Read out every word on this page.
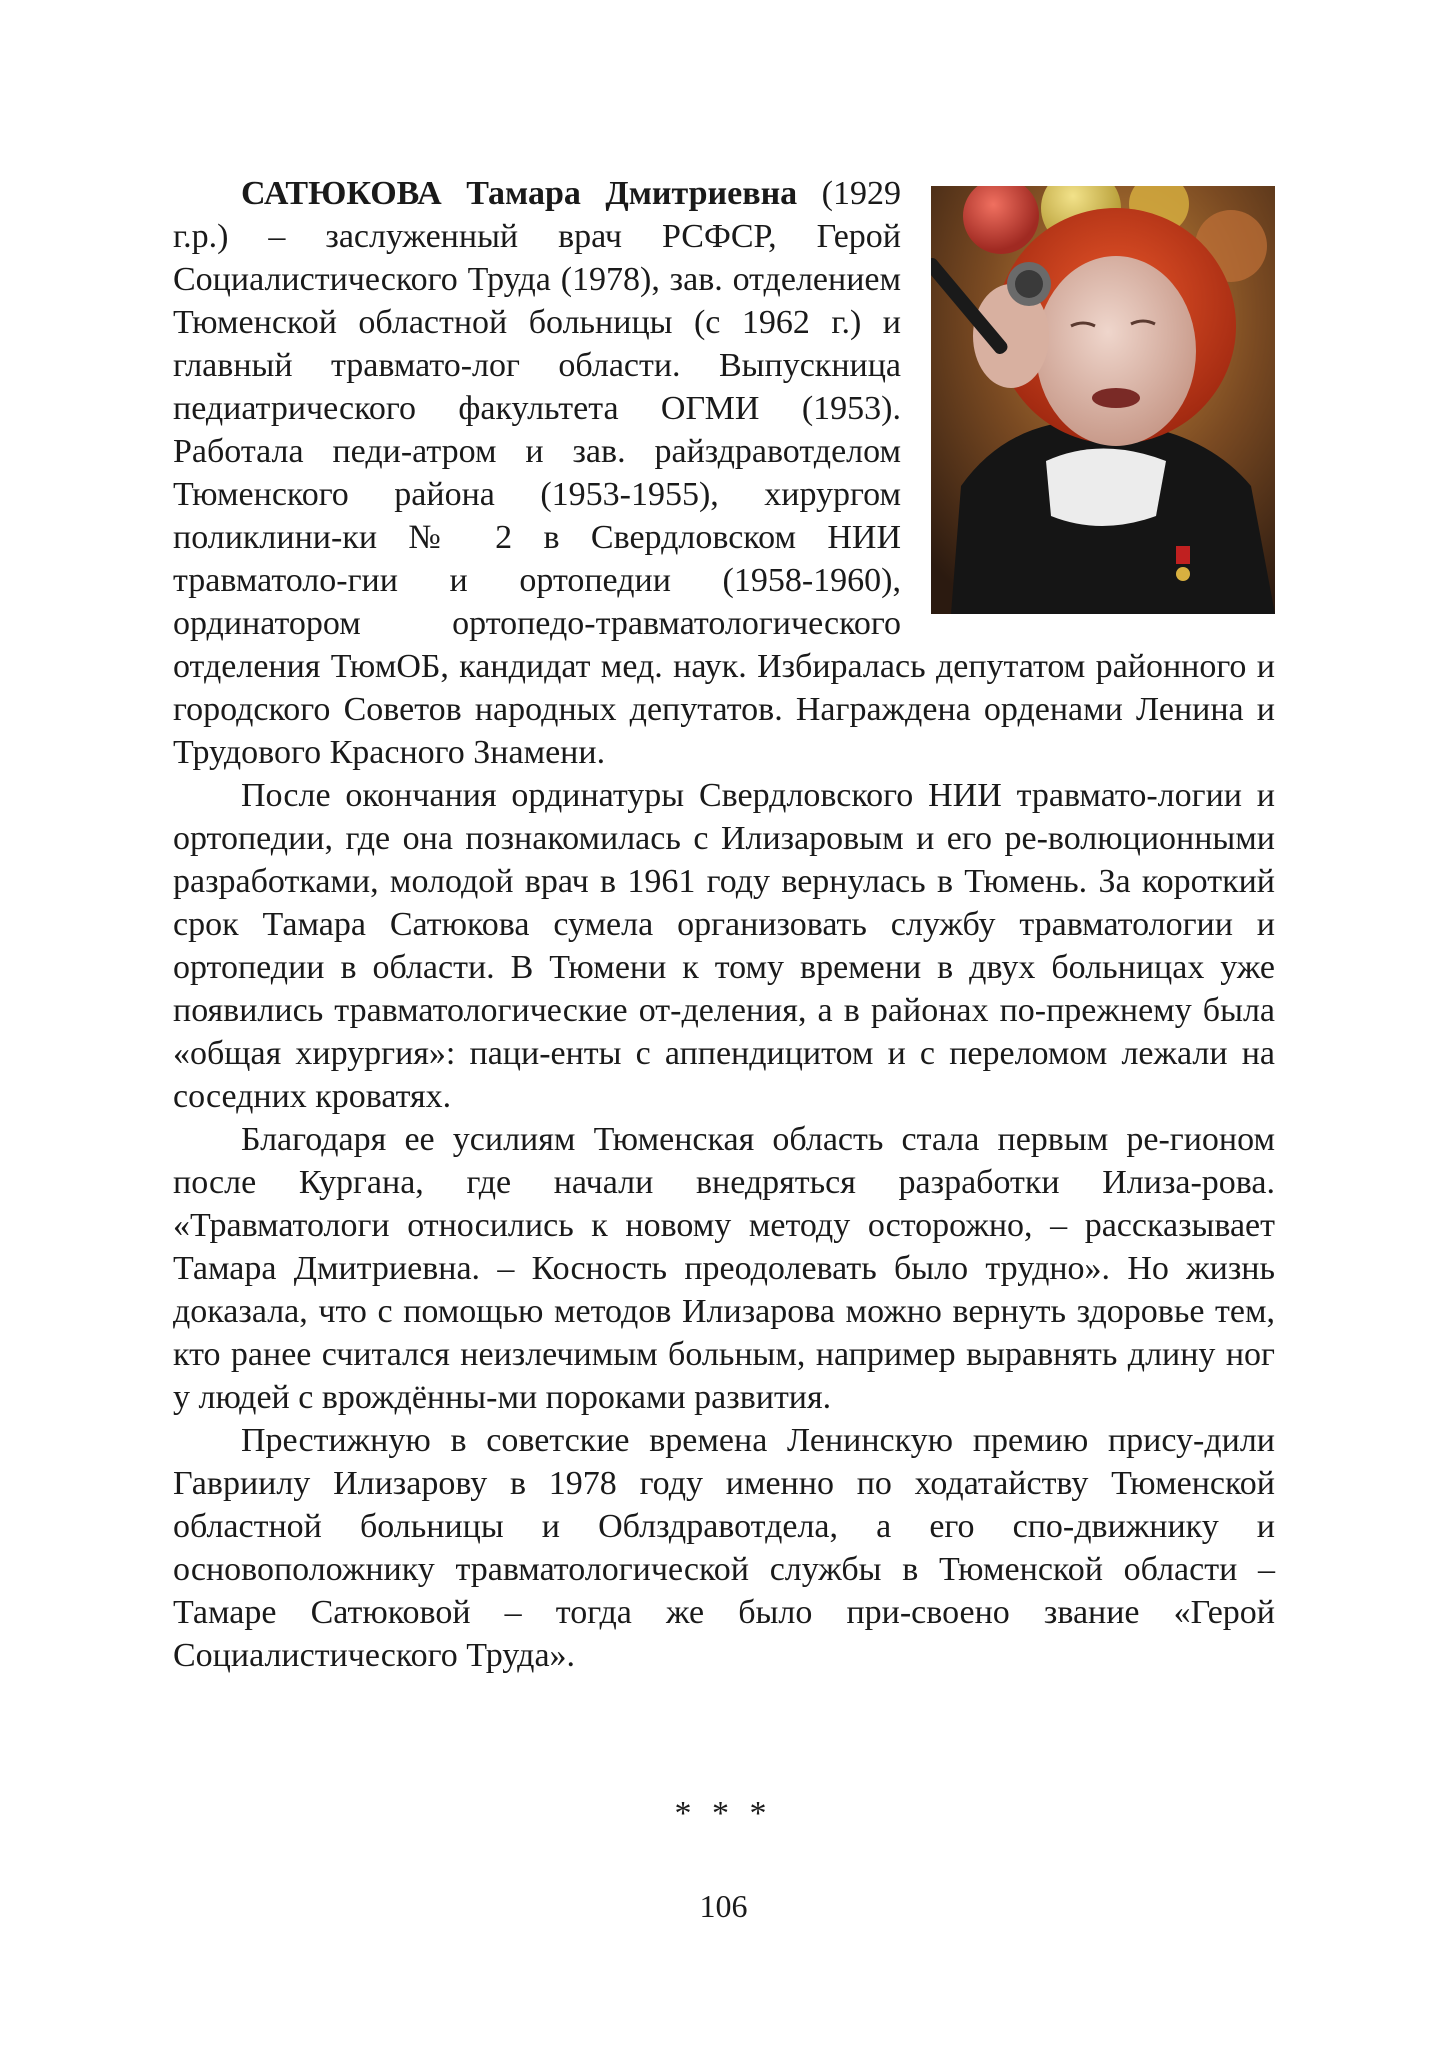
САТЮКОВА Тамара Дмитриевна (1929 г.р.) – заслуженный врач РСФСР, Герой Социалистического Труда (1978), зав. отделением Тюменской областной больницы (с 1962 г.) и главный травмато-лог области. Выпускница педиатрического факультета ОГМИ (1953). Работала педи-атром и зав. райздравотделом Тюменского района (1953-1955), хирургом поликлини-ки № 2 в Свердловском НИИ травматоло-гии и ортопедии (1958-1960), ординатором ортопедо-травматологического отделения ТюмОБ, кандидат мед. наук. Избиралась депутатом районного и городского Советов народных депутатов. Награждена орденами Ленина и Трудового Красного Знамени.

После окончания ординатуры Свердловского НИИ травмато-логии и ортопедии, где она познакомилась с Илизаровым и его ре-волюционными разработками, молодой врач в 1961 году вернулась в Тюмень. За короткий срок Тамара Сатюкова сумела организовать службу травматологии и ортопедии в области. В Тюмени к тому времени в двух больницах уже появились травматологические от-деления, а в районах по-прежнему была «общая хирургия»: паци-енты с аппендицитом и с переломом лежали на соседних кроватях.

Благодаря ее усилиям Тюменская область стала первым ре-гионом после Кургана, где начали внедряться разработки Илиза-рова. «Травматологи относились к новому методу осторожно, – рассказывает Тамара Дмитриевна. – Косность преодолевать было трудно». Но жизнь доказала, что с помощью методов Илизарова можно вернуть здоровье тем, кто ранее считался неизлечимым больным, например выравнять длину ног у людей с врождённы-ми пороками развития.

Престижную в советские времена Ленинскую премию прису-дили Гавриилу Илизарову в 1978 году именно по ходатайству Тюменской областной больницы и Облздравотдела, а его спо-движнику и основоположнику травматологической службы в Тюменской области – Тамаре Сатюковой – тогда же было при-своено звание «Герой Социалистического Труда».

* * *
106
